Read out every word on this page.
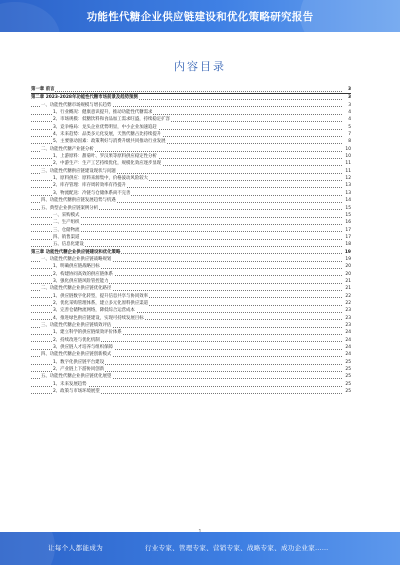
功能性代糖企业供应链建设和优化策略研究报告
内容目录
第一章 前言	3
第二章 2023-2028年功能性代糖市场前景及趋势预测	3
一、功能性代糖市场规模与增长趋势	3
1、行业概况：健康意识提升，推动功能性代糖需求	4
2、市场规模：低糖饮料和食品加工需求旺盛，持续稳定扩容	4
3、竞争格局：龙头企业优势明显，中小企业加速追赶	5
4、未来趋势：品类多元化发展，天然代糖占比持续提升	7
5、主要驱动因素：政策利好与消费升级共同推动行业发展	8
二、功能性代糖产业链分析	10
1、上游原料：甜菊叶、罗汉果等原料供应稳定性分析	10
2、中游生产：生产工艺持续优化，规模化效应逐步显现	11
三、功能性代糖供应链建设现状与问题	11
1、原料供应：原料来源集中，价格波动风险较大	12
2、库存管理：库存周转效率有待提升	13
3、物流配送：冷链与仓储体系尚不完善	13
四、功能性代糖供应链发展趋势与机遇	14
五、典型企业供应链案例分析	15
一、采购模式	15
二、生产组织	16
三、仓储物流	17
四、销售渠道	17
五、信息化建设	18
第三章 功能性代糖企业供应链建设和优化策略	19
一、功能性代糖企业供应链战略规划	19
1、明确供应链战略目标	20
2、构建协同高效的供应链体系	20
3、强化供应链风险管控能力	21
二、功能性代糖企业供应链优化路径	21
1、供应链数字化转型，提升信息共享与协同效率	22
2、优化采购管理体系，建立多元化原料供应渠道	22
3、完善仓储物流网络，降低综合运营成本	23
4、推进绿色供应链建设，实现可持续发展目标	23
三、功能性代糖企业供应链绩效评估	23
1、建立科学的供应链绩效评价体系	24
2、持续改进与优化机制	24
3、供应链人才培养与组织保障	24
四、功能性代糖企业供应链创新模式	24
1、数字化供应链平台建设	25
2、产业链上下游协同创新	25
五、功能性代糖企业供应链优化展望	25
1、未来发展趋势	25
2、政策与市场环境展望	25
让每个人都能成为	行业专家、管理专家、营销专家、战略专家、成功企业家……
